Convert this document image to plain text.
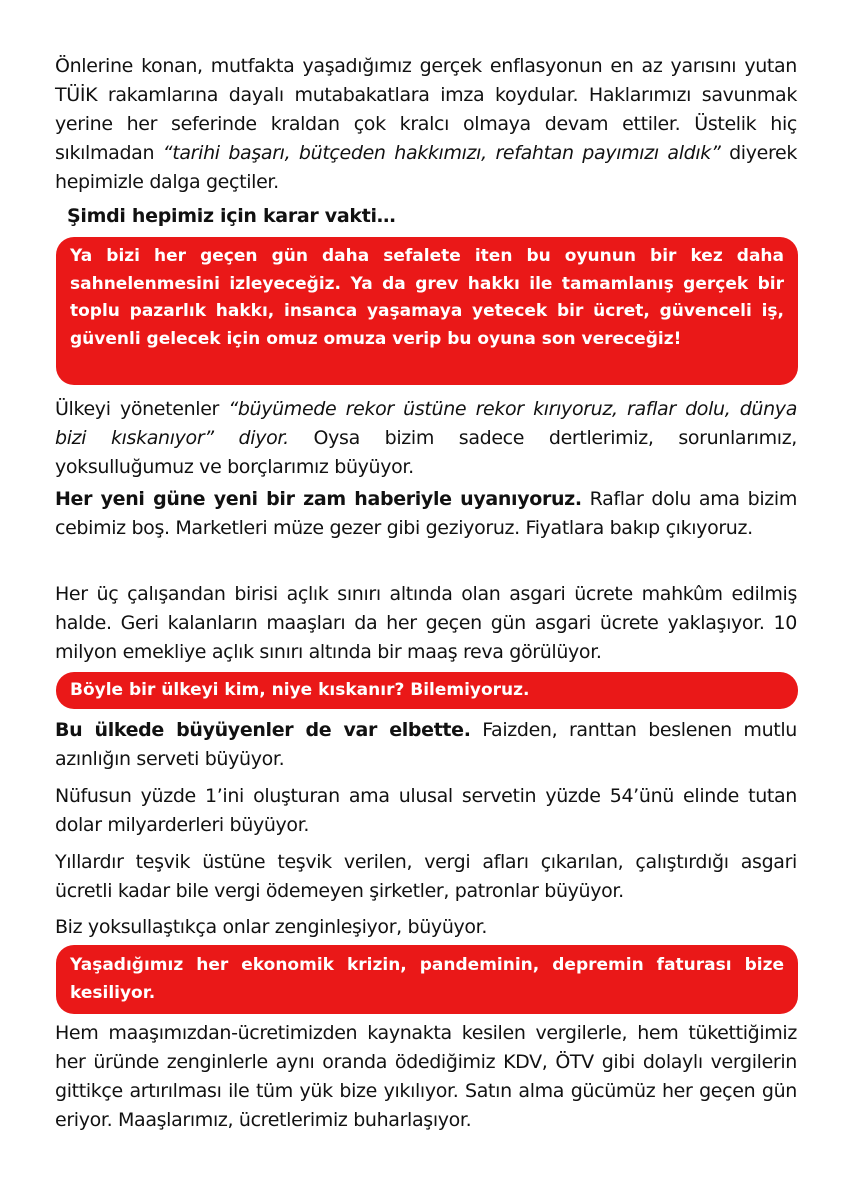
Önlerine konan, mutfakta yaşadığımız gerçek enflasyonun en az yarısını yutan TÜİK rakamlarına dayalı mutabakatlara imza koydular. Haklarımızı savunmak yerine her seferinde kraldan çok kralcı olmaya devam ettiler. Üstelik hiç sıkılmadan “tarihi başarı, bütçeden hakkımızı, refahtan payımızı aldık” diyerek hepimizle dalga geçtiler.

Şimdi hepimiz için karar vakti…

Ya bizi her geçen gün daha sefalete iten bu oyunun bir kez daha sahnelenmesini izleyeceğiz. Ya da grev hakkı ile tamamlanış gerçek bir toplu pazarlık hakkı, insanca yaşamaya yetecek bir ücret, güvenceli iş, güvenli gelecek için omuz omuza verip bu oyuna son vereceğiz!

Ülkeyi yönetenler “büyümede rekor üstüne rekor kırıyoruz, raflar dolu, dünya bizi kıskanıyor” diyor. Oysa bizim sadece dertlerimiz, sorunlarımız, yoksulluğumuz ve borçlarımız büyüyor.

Her yeni güne yeni bir zam haberiyle uyanıyoruz. Raflar dolu ama bizim cebimiz boş. Marketleri müze gezer gibi geziyoruz. Fiyatlara bakıp çıkıyoruz.

Her üç çalışandan birisi açlık sınırı altında olan asgari ücrete mahkûm edilmiş halde. Geri kalanların maaşları da her geçen gün asgari ücrete yaklaşıyor. 10 milyon emekliye açlık sınırı altında bir maaş reva görülüyor.

Böyle bir ülkeyi kim, niye kıskanır? Bilemiyoruz.

Bu ülkede büyüyenler de var elbette. Faizden, ranttan beslenen mutlu azınlığın serveti büyüyor.

Nüfusun yüzde 1’ini oluşturan ama ulusal servetin yüzde 54’ünü elinde tutan dolar milyarderleri büyüyor.

Yıllardır teşvik üstüne teşvik verilen, vergi afları çıkarılan, çalıştırdığı asgari ücretli kadar bile vergi ödemeyen şirketler, patronlar büyüyor.

Biz yoksullaştıkça onlar zenginleşiyor, büyüyor.

Yaşadığımız her ekonomik krizin, pandeminin, depremin faturası bize kesiliyor.

Hem maaşımızdan-ücretimizden kaynakta kesilen vergilerle, hem tükettiğimiz her üründe zenginlerle aynı oranda ödediğimiz KDV, ÖTV gibi dolaylı vergilerin gittikçe artırılması ile tüm yük bize yıkılıyor. Satın alma gücümüz her geçen gün eriyor. Maaşlarımız, ücretlerimiz buharlaşıyor.
